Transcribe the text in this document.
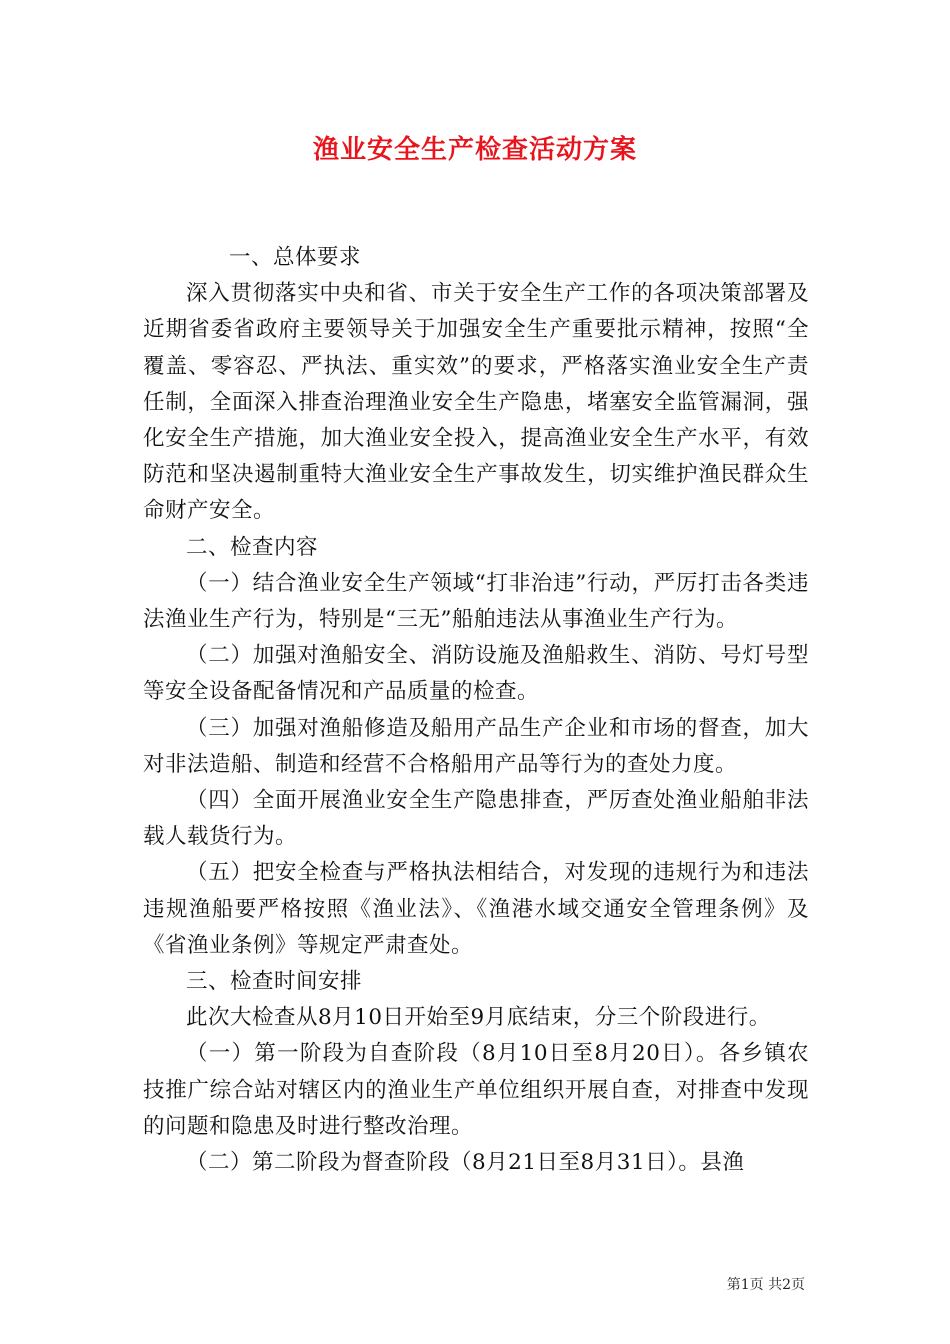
渔业安全生产检查活动方案

一、总体要求

深入贯彻落实中央和省、市关于安全生产工作的各项决策部署及近期省委省政府主要领导关于加强安全生产重要批示精神，按照“全覆盖、零容忍、严执法、重实效”的要求，严格落实渔业安全生产责任制，全面深入排查治理渔业安全生产隐患，堵塞安全监管漏洞，强化安全生产措施，加大渔业安全投入，提高渔业安全生产水平，有效防范和坚决遏制重特大渔业安全生产事故发生，切实维护渔民群众生命财产安全。

二、检查内容

（一）结合渔业安全生产领域“打非治违”行动，严厉打击各类违法渔业生产行为，特别是“三无”船舶违法从事渔业生产行为。

（二）加强对渔船安全、消防设施及渔船救生、消防、号灯号型等安全设备配备情况和产品质量的检查。

（三）加强对渔船修造及船用产品生产企业和市场的督查，加大对非法造船、制造和经营不合格船用产品等行为的查处力度。

（四）全面开展渔业安全生产隐患排查，严厉查处渔业船舶非法载人载货行为。

（五）把安全检查与严格执法相结合，对发现的违规行为和违法违规渔船要严格按照《渔业法》、《渔港水域交通安全管理条例》及《省渔业条例》等规定严肃查处。

三、检查时间安排

此次大检查从8月10日开始至9月底结束，分三个阶段进行。

（一）第一阶段为自查阶段（8月10日至8月20日）。各乡镇农技推广综合站对辖区内的渔业生产单位组织开展自查，对排查中发现的问题和隐患及时进行整改治理。

（二）第二阶段为督查阶段（8月21日至8月31日）。县渔

第1页 共2页
